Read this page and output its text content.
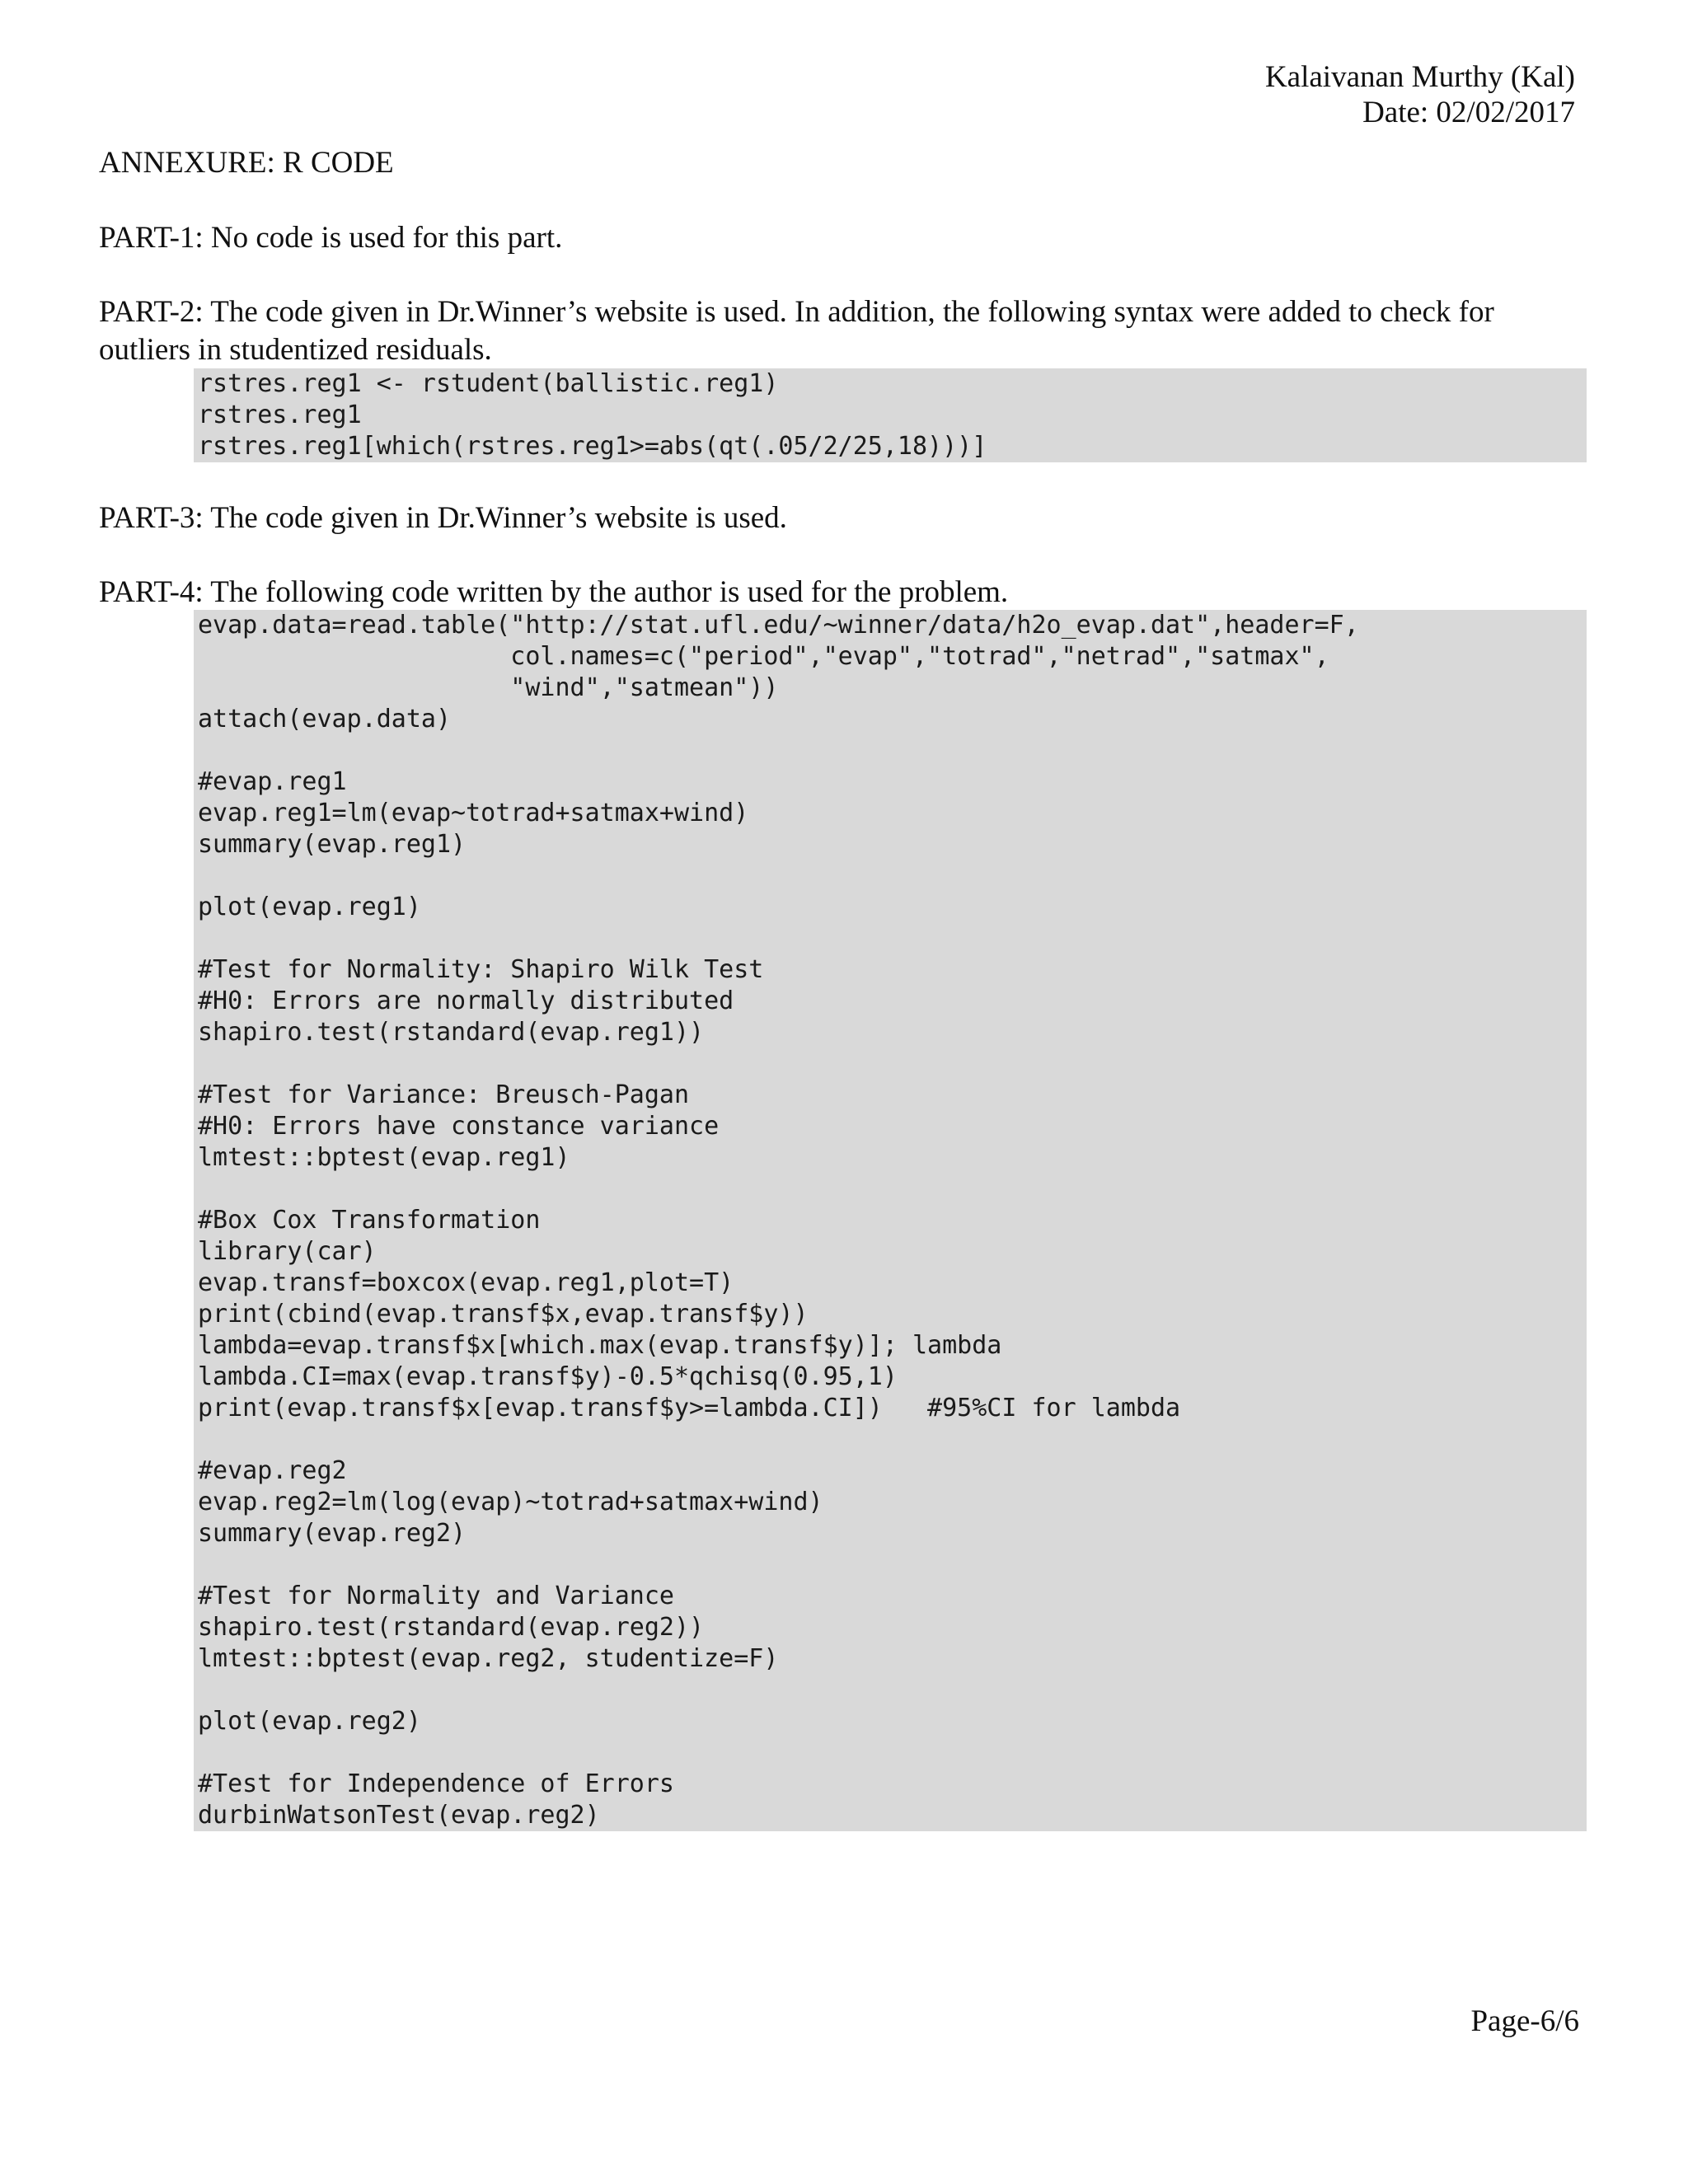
Kalaivanan Murthy (Kal)
Date: 02/02/2017
ANNEXURE: R CODE
PART-1: No code is used for this part.
PART-2: The code given in Dr.Winner’s website is used. In addition, the following syntax were added to check for
outliers in studentized residuals.
rstres.reg1 <- rstudent(ballistic.reg1)
rstres.reg1
rstres.reg1[which(rstres.reg1>=abs(qt(.05/2/25,18)))]
PART-3: The code given in Dr.Winner’s website is used.
PART-4: The following code written by the author is used for the problem.
evap.data=read.table("http://stat.ufl.edu/~winner/data/h2o_evap.dat",header=F,
col.names=c("period","evap","totrad","netrad","satmax",
"wind","satmean"))
attach(evap.data)
#evap.reg1
evap.reg1=lm(evap~totrad+satmax+wind)
summary(evap.reg1)
plot(evap.reg1)
#Test for Normality: Shapiro Wilk Test
#H0: Errors are normally distributed
shapiro.test(rstandard(evap.reg1))
#Test for Variance: Breusch-Pagan
#H0: Errors have constance variance
lmtest::bptest(evap.reg1)
#Box Cox Transformation
library(car)
evap.transf=boxcox(evap.reg1,plot=T)
print(cbind(evap.transf$x,evap.transf$y))
lambda=evap.transf$x[which.max(evap.transf$y)]; lambda
lambda.CI=max(evap.transf$y)-0.5*qchisq(0.95,1)
print(evap.transf$x[evap.transf$y>=lambda.CI])   #95%CI for lambda
#evap.reg2
evap.reg2=lm(log(evap)~totrad+satmax+wind)
summary(evap.reg2)
#Test for Normality and Variance
shapiro.test(rstandard(evap.reg2))
lmtest::bptest(evap.reg2, studentize=F)
plot(evap.reg2)
#Test for Independence of Errors
durbinWatsonTest(evap.reg2)
Page-6/6
